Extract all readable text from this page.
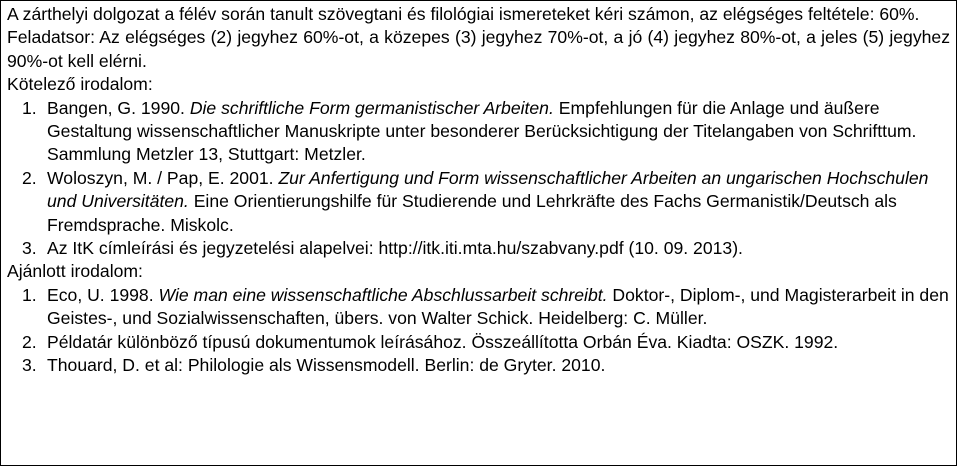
A zárthelyi dolgozat a félév során tanult szövegtani és filológiai ismereteket kéri számon, az elégséges feltétele: 60%.

Feladatsor: Az elégséges (2) jegyhez 60%-ot, a közepes (3) jegyhez 70%-ot, a jó (4) jegyhez 80%-ot, a jeles (5) jegyhez 90%-ot kell elérni.

Kötelező irodalom:

1. Bangen, G. 1990. Die schriftliche Form germanistischer Arbeiten. Empfehlungen für die Anlage und äußere Gestaltung wissenschaftlicher Manuskripte unter besonderer Berücksichtigung der Titelangaben von Schrifttum. Sammlung Metzler 13, Stuttgart: Metzler.
2. Woloszyn, M. / Pap, E. 2001. Zur Anfertigung und Form wissenschaftlicher Arbeiten an ungarischen Hochschulen und Universitäten. Eine Orientierungshilfe für Studierende und Lehrkräfte des Fachs Germanistik/Deutsch als Fremdsprache. Miskolc.
3. Az ItK címleírási és jegyzetelési alapelvei: http://itk.iti.mta.hu/szabvany.pdf (10. 09. 2013).

Ajánlott irodalom:

1. Eco, U. 1998. Wie man eine wissenschaftliche Abschlussarbeit schreibt. Doktor-, Diplom-, und Magisterarbeit in den Geistes-, und Sozialwissenschaften, übers. von Walter Schick. Heidelberg: C. Müller.
2. Példatár különböző típusú dokumentumok leírásához. Összeállította Orbán Éva. Kiadta: OSZK. 1992.
3. Thouard, D. et al: Philologie als Wissensmodell. Berlin: de Gryter. 2010.
